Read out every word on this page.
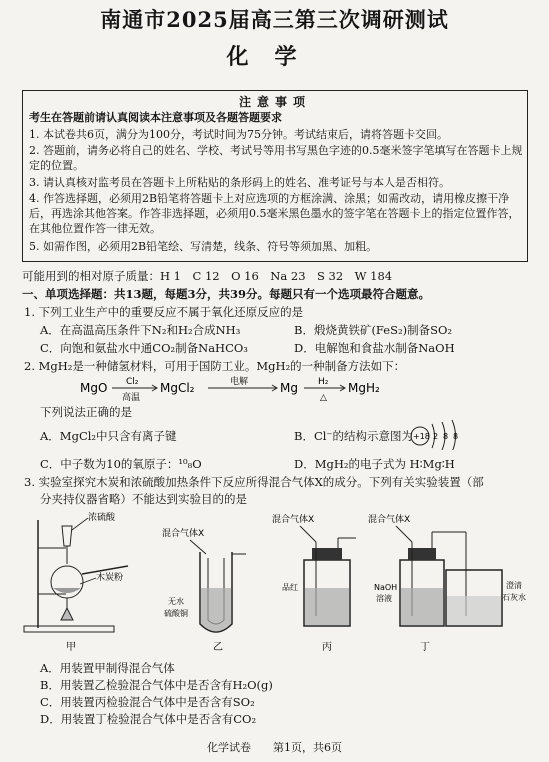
南通市2025届高三第三次调研测试
化学
注意事项
考生在答题前请认真阅读本注意事项及各题答题要求
1. 本试卷共6页，满分为100分，考试时间为75分钟。考试结束后，请将答题卡交回。
2. 答题前，请务必将自己的姓名、学校、考试号等用书写黑色字迹的0.5毫米签字笔填写在答题卡上规定的位置。
3. 请认真核对监考员在答题卡上所粘贴的条形码上的姓名、准考证号与本人是否相符。
4. 作答选择题，必须用2B铅笔将答题卡上对应选项的方框涂满、涂黑；如需改动，请用橡皮擦干净后，再选涂其他答案。作答非选择题，必须用0.5毫米黑色墨水的签字笔在答题卡上的指定位置作答，在其他位置作答一律无效。
5. 如需作图，必须用2B铅笔绘、写清楚，线条、符号等须加黑、加粗。
可能用到的相对原子质量：H 1　C 12　O 16　Na 23　S 32　W 184
一、单项选择题：共13题，每题3分，共39分。每题只有一个选项最符合题意。
1. 下列工业生产中的重要反应不属于氧化还原反应的是
A．在高温高压条件下N₂和H₂合成NH₃	B．煅烧黄铁矿(FeS₂)制备SO₂
C．向饱和氨盐水中通CO₂制备NaHCO₃	D．电解饱和食盐水制备NaOH
2. MgH₂是一种储氢材料，可用于国防工业。MgH₂的一种制备方法如下：
MgO Cl₂
高温
MgCl₂	电解	Mg H₂
△
MgH₂
下列说法正确的是
A．MgCl₂中只含有离子键	B．Cl⁻的结构示意图为 +18 2 8 8
C．中子数为10的氧原子：¹⁰₈O	D．MgH₂的电子式为 H∶Mg∶H
3. 实验室探究木炭和浓硫酸加热条件下反应所得混合气体X的成分。下列有关实验装置（部
分夹持仪器省略）不能达到实验目的的是
浓硫酸
木炭粉
甲
混合气体X
无水
硫酸铜
乙
混合气体X
品红
丙
混合气体X
NaOH
溶液
澄清
石灰水
丁
A．用装置甲制得混合气体
B．用装置乙检验混合气体中是否含有H₂O(g)
C．用装置丙检验混合气体中是否含有SO₂
D．用装置丁检验混合气体中是否含有CO₂
化学试卷　　第1页，共6页
